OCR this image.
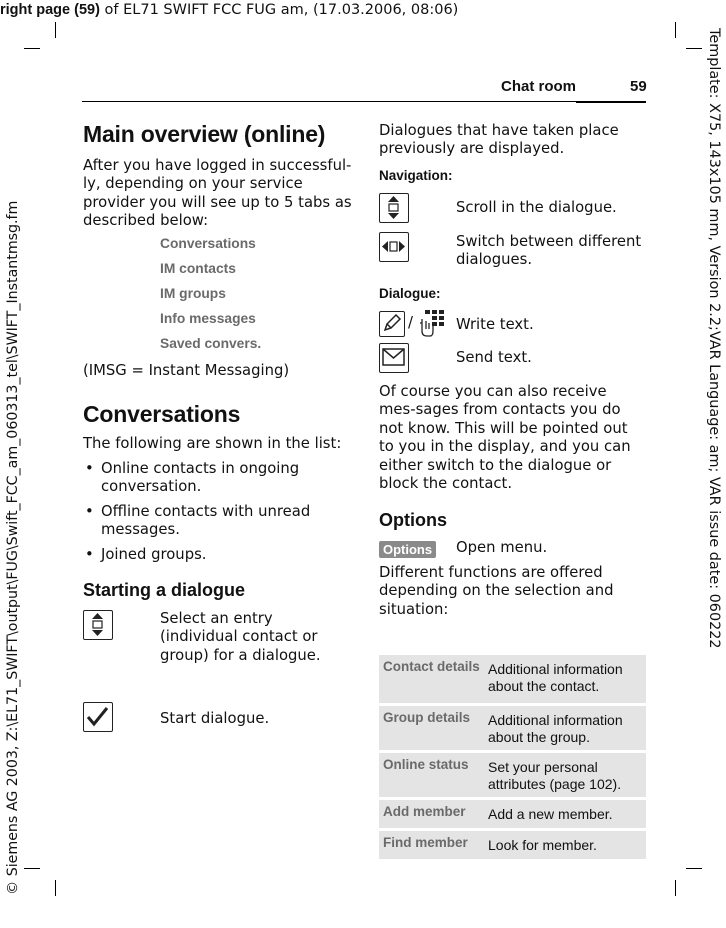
right page (59) of EL71 SWIFT FCC FUG am, (17.03.2006, 08:06)
© Siemens AG 2003, Z:\EL71_SWIFT\output\FUG\Swift_FCC_am_060313_tel\SWIFT_Instantmsg.fm	Template: X75, 143x105 mm, Version 2.2;VAR Language: am; VAR issue date: 060222
Chat room	59
Main overview (online)
After you have logged in successful-ly, depending on your service provider you will see up to 5 tabs as described below:
Conversations
IM contacts
IM groups
Info messages
Saved convers.
(IMSG = Instant Messaging)
Conversations
The following are shown in the list:
• Online contacts in ongoing conversation.
• Offline contacts with unread messages.
• Joined groups.
Starting a dialogue
Select an entry (individual contact or group) for a dialogue.
Start dialogue.
Dialogues that have taken place previously are displayed.
Navigation:
Scroll in the dialogue.
Switch between different dialogues.
Dialogue:
/	Write text.
Send text.
Of course you can also receive mes-sages from contacts you do not know. This will be pointed out to you in the display, and you can either switch to the dialogue or block the contact.
Options
Options Open menu.
Different functions are offered depending on the selection and situation:
Contact details Additional information about the contact.
Group details	Additional information about the group.
Online status	Set your personal attributes (page 102).
Add member	Add a new member.
Find member	Look for member.
